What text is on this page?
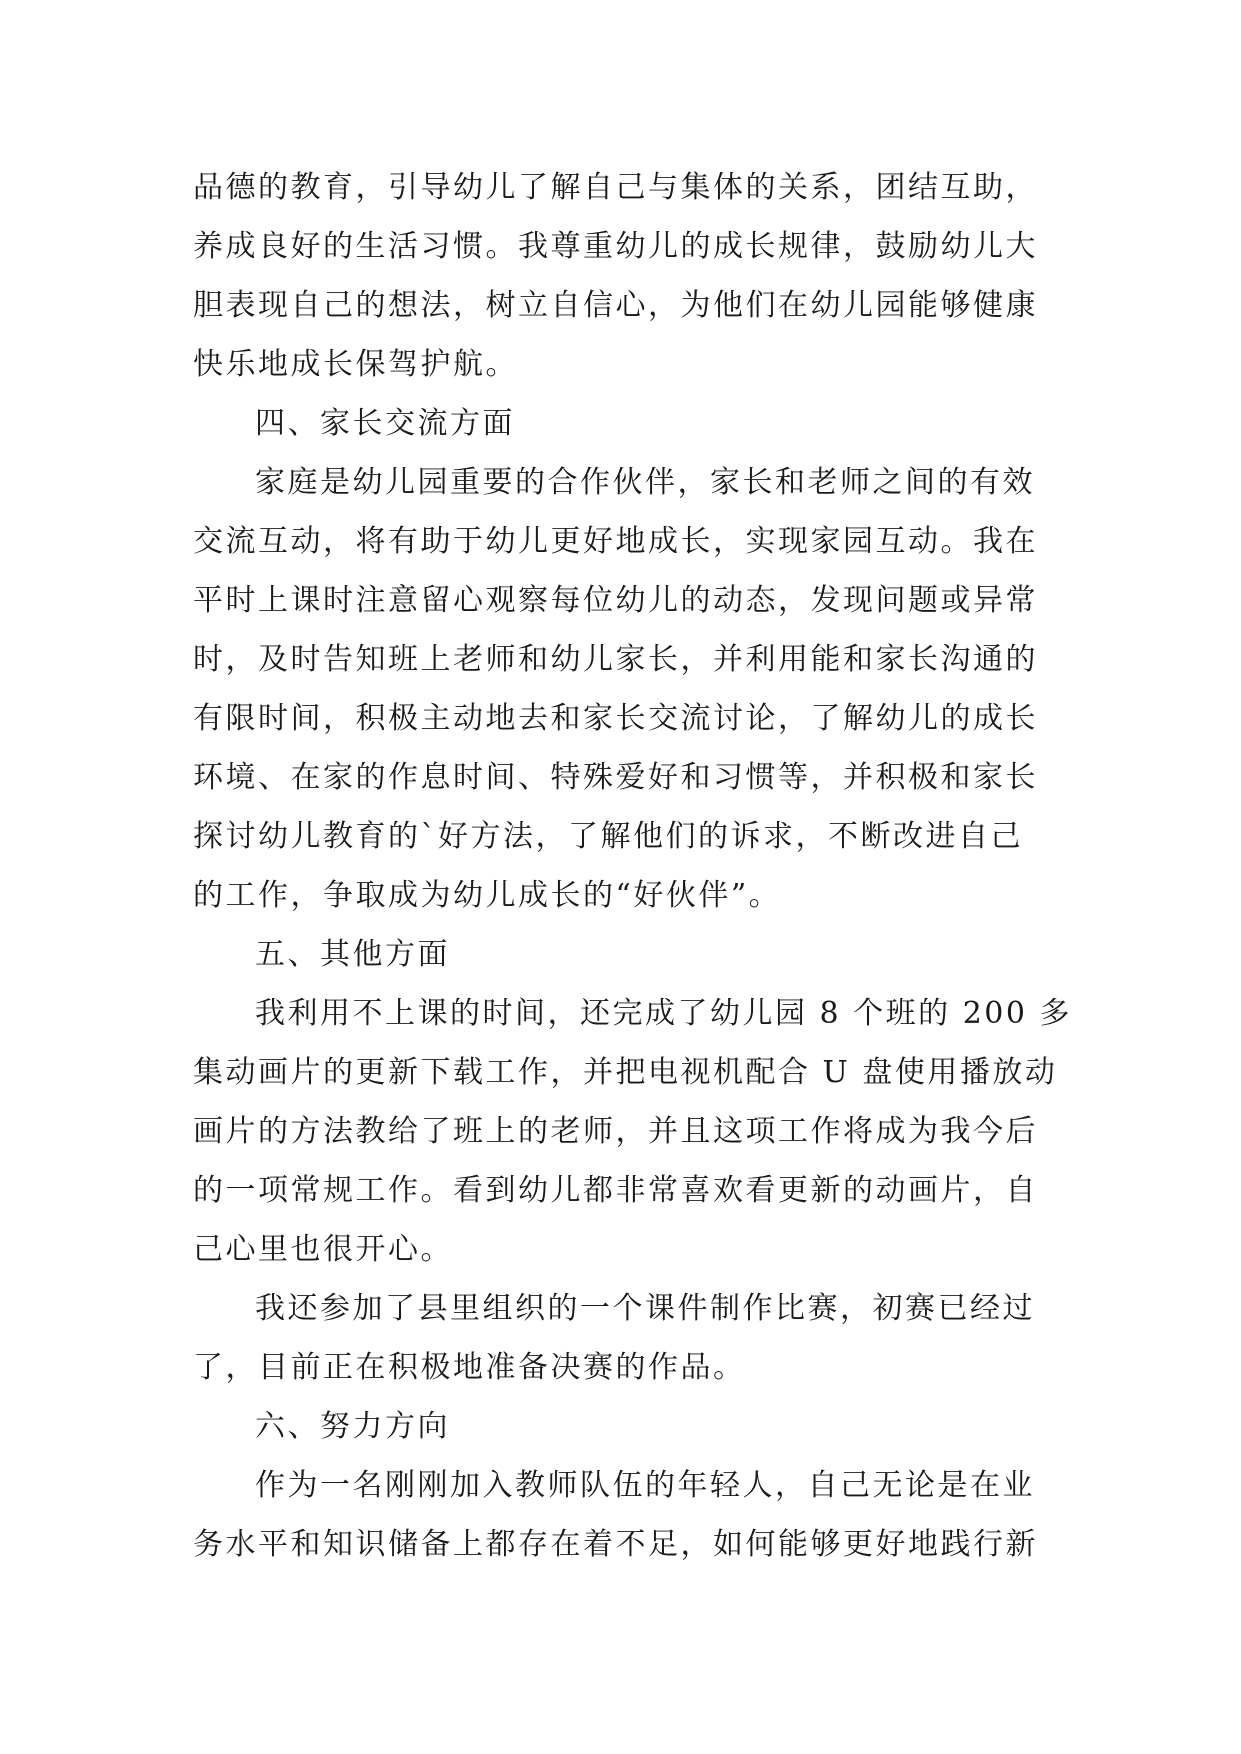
品德的教育，引导幼儿了解自己与集体的关系，团结互助，
养成良好的生活习惯。我尊重幼儿的成长规律，鼓励幼儿大
胆表现自己的想法，树立自信心，为他们在幼儿园能够健康
快乐地成长保驾护航。
四、家长交流方面
家庭是幼儿园重要的合作伙伴，家长和老师之间的有效
交流互动，将有助于幼儿更好地成长，实现家园互动。我在
平时上课时注意留心观察每位幼儿的动态，发现问题或异常
时，及时告知班上老师和幼儿家长，并利用能和家长沟通的
有限时间，积极主动地去和家长交流讨论，了解幼儿的成长
环境、在家的作息时间、特殊爱好和习惯等，并积极和家长
探讨幼儿教育的`好方法，了解他们的诉求，不断改进自己
的工作，争取成为幼儿成长的“好伙伴”。
五、其他方面
我利用不上课的时间，还完成了幼儿园 8 个班的 200 多
集动画片的更新下载工作，并把电视机配合 U 盘使用播放动
画片的方法教给了班上的老师，并且这项工作将成为我今后
的一项常规工作。看到幼儿都非常喜欢看更新的动画片，自
己心里也很开心。
我还参加了县里组织的一个课件制作比赛，初赛已经过
了，目前正在积极地准备决赛的作品。
六、努力方向
作为一名刚刚加入教师队伍的年轻人，自己无论是在业
务水平和知识储备上都存在着不足，如何能够更好地践行新
